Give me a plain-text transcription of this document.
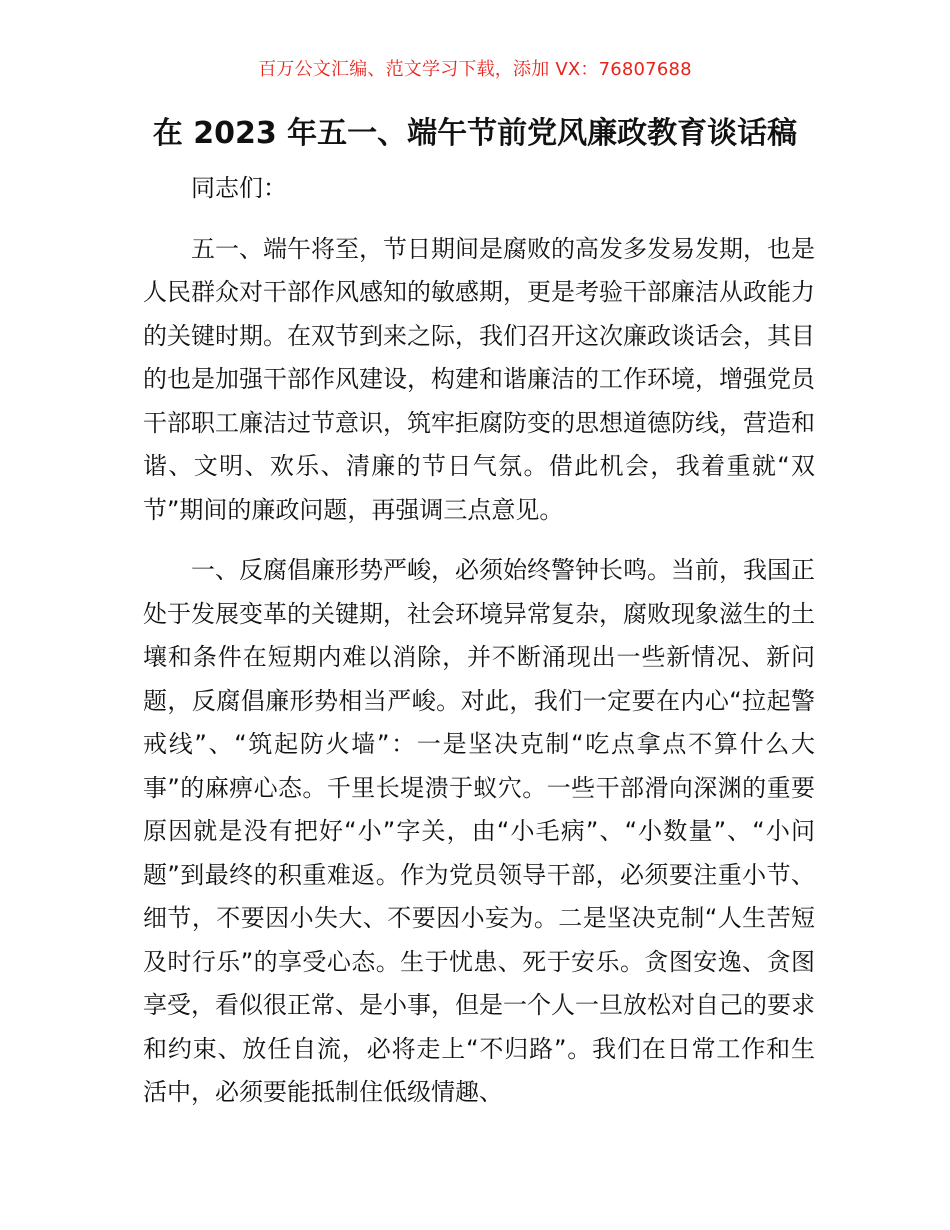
百万公文汇编、范文学习下载，添加 VX：76807688
在 2023 年五一、端午节前党风廉政教育谈话稿

同志们：

五一、端午将至，节日期间是腐败的高发多发易发期，也是人民群众对干部作风感知的敏感期，更是考验干部廉洁从政能力的关键时期。在双节到来之际，我们召开这次廉政谈话会，其目的也是加强干部作风建设，构建和谐廉洁的工作环境，增强党员干部职工廉洁过节意识，筑牢拒腐防变的思想道德防线，营造和谐、文明、欢乐、清廉的节日气氛。借此机会，我着重就“双节”期间的廉政问题，再强调三点意见。

一、反腐倡廉形势严峻，必须始终警钟长鸣。当前，我国正处于发展变革的关键期，社会环境异常复杂，腐败现象滋生的土壤和条件在短期内难以消除，并不断涌现出一些新情况、新问题，反腐倡廉形势相当严峻。对此，我们一定要在内心“拉起警戒线”、“筑起防火墙”：一是坚决克制“吃点拿点不算什么大事”的麻痹心态。千里长堤溃于蚁穴。一些干部滑向深渊的重要原因就是没有把好“小”字关，由“小毛病”、“小数量”、“小问题”到最终的积重难返。作为党员领导干部，必须要注重小节、细节，不要因小失大、不要因小妄为。二是坚决克制“人生苦短及时行乐”的享受心态。生于忧患、死于安乐。贪图安逸、贪图享受，看似很正常、是小事，但是一个人一旦放松对自己的要求和约束、放任自流，必将走上“不归路”。我们在日常工作和生活中，必须要能抵制住低级情趣、
